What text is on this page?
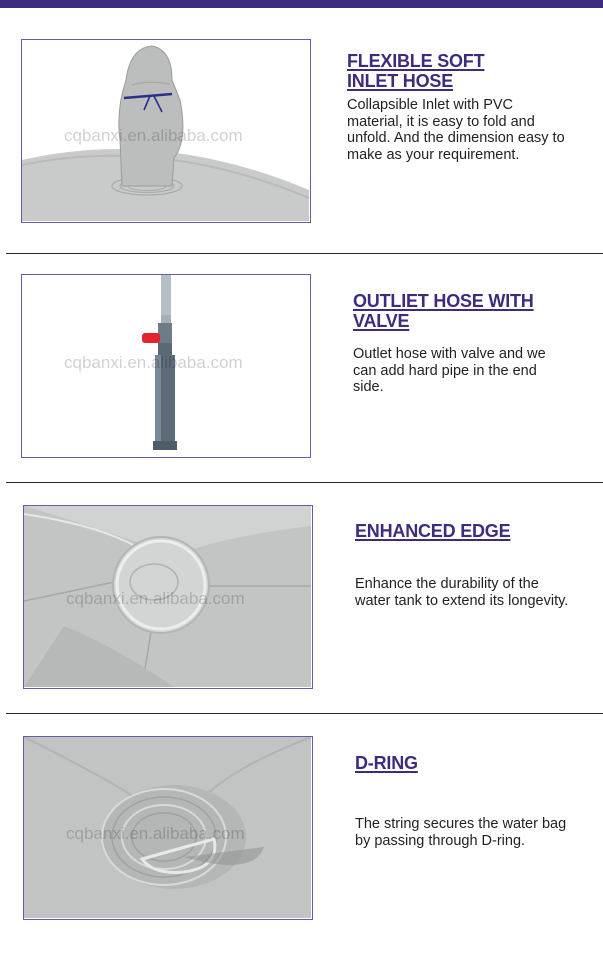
cqbanxi.en.alibaba.com
FLEXIBLE SOFT
INLET HOSE

Collapsible Inlet with PVC material, it is easy to fold and unfold. And the dimension easy to make as your requirement.

cqbanxi.en.alibaba.com
OUTLIET HOSE WITH
VALVE

Outlet hose with valve and we can add hard pipe in the end side.

cqbanxi.en.alibaba.com
ENHANCED EDGE

Enhance the durability of the water tank to extend its longevity.

cqbanxi.en.alibaba.com
D-RING

The string secures the water bag by passing through D-ring.
